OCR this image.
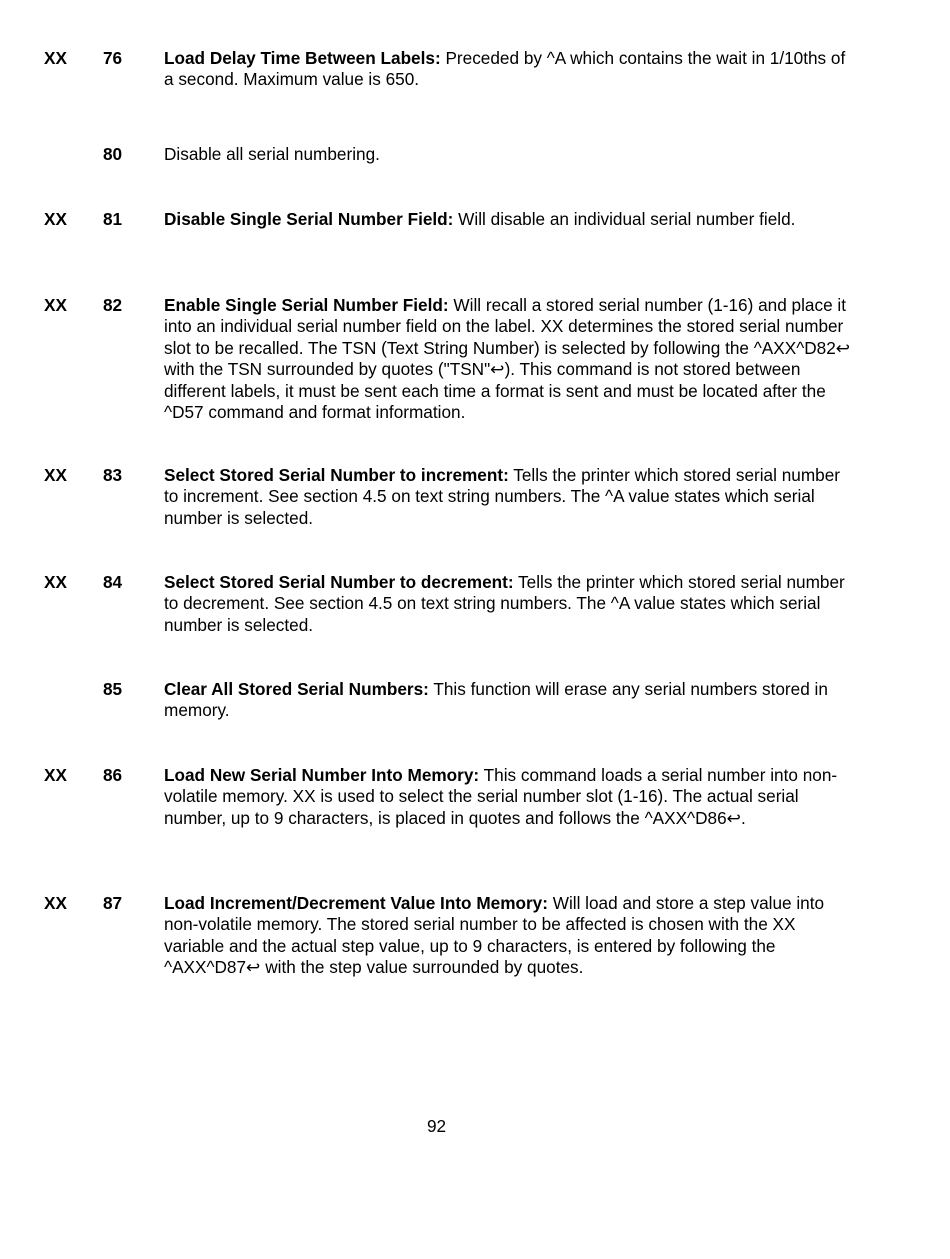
XX 76 Load Delay Time Between Labels: Preceded by ^A which contains the wait in 1/10ths of a second. Maximum value is 650.
80 Disable all serial numbering.
XX 81 Disable Single Serial Number Field: Will disable an individual serial number field.
XX 82 Enable Single Serial Number Field: Will recall a stored serial number (1-16) and place it into an individual serial number field on the label. XX determines the stored serial number slot to be recalled. The TSN (Text String Number) is selected by following the ^AXX^D82↩ with the TSN surrounded by quotes ("TSN"↩). This command is not stored between different labels, it must be sent each time a format is sent and must be located after the ^D57 command and format information.
XX 83 Select Stored Serial Number to increment: Tells the printer which stored serial number to increment. See section 4.5 on text string numbers. The ^A value states which serial number is selected.
XX 84 Select Stored Serial Number to decrement: Tells the printer which stored serial number to decrement. See section 4.5 on text string numbers. The ^A value states which serial number is selected.
85 Clear All Stored Serial Numbers: This function will erase any serial numbers stored in memory.
XX 86 Load New Serial Number Into Memory: This command loads a serial number into non-volatile memory. XX is used to select the serial number slot (1-16). The actual serial number, up to 9 characters, is placed in quotes and follows the ^AXX^D86↩.
XX 87 Load Increment/Decrement Value Into Memory: Will load and store a step value into non-volatile memory. The stored serial number to be affected is chosen with the XX variable and the actual step value, up to 9 characters, is entered by following the ^AXX^D87↩ with the step value surrounded by quotes.
92
